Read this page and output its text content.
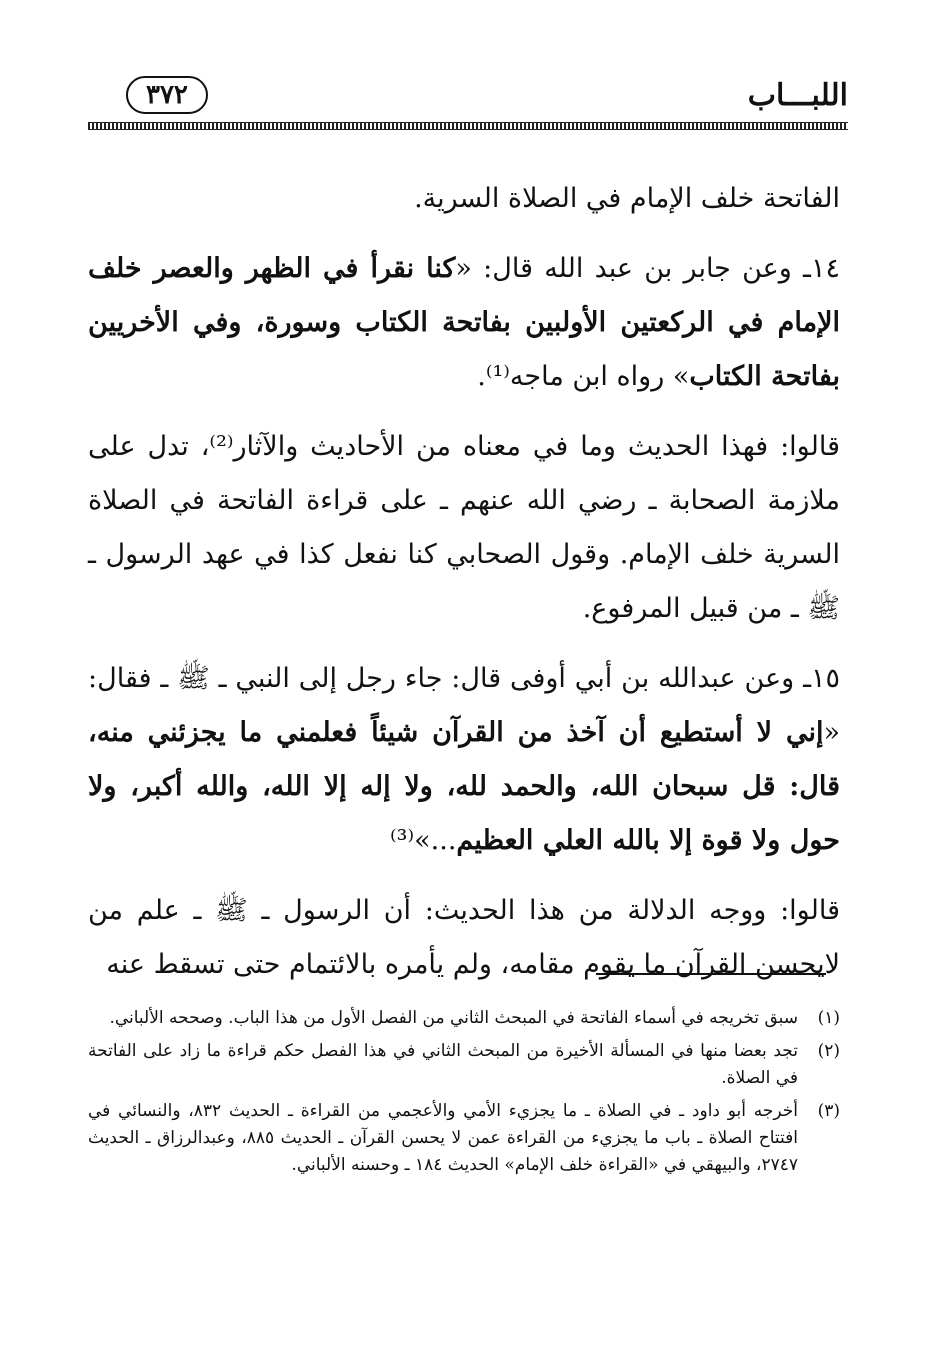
اللبـــاب
٣٧٢

الفاتحة خلف الإمام في الصلاة السرية.

١٤ـ وعن جابر بن عبد الله قال: «كنا نقرأ في الظهر والعصر خلف الإمام في الركعتين الأولبين بفاتحة الكتاب وسورة، وفي الأخريين بفاتحة الكتاب» رواه ابن ماجه⁽¹⁾.

قالوا: فهذا الحديث وما في معناه من الأحاديث والآثار⁽²⁾، تدل على ملازمة الصحابة ـ رضي الله عنهم ـ على قراءة الفاتحة في الصلاة السرية خلف الإمام. وقول الصحابي كنا نفعل كذا في عهد الرسول ـ ﷺ ـ من قبيل المرفوع.

١٥ـ وعن عبدالله بن أبي أوفى قال: جاء رجل إلى النبي ـ ﷺ ـ فقال: «إني لا أستطيع أن آخذ من القرآن شيئاً فعلمني ما يجزئني منه، قال: قل سبحان الله، والحمد لله، ولا إله إلا الله، والله أكبر، ولا حول ولا قوة إلا بالله العلي العظيم...»⁽³⁾

قالوا: ووجه الدلالة من هذا الحديث: أن الرسول ـ ﷺ ـ علم من لايحسن القرآن ما يقوم مقامه، ولم يأمره بالائتمام حتى تسقط عنه

(١)
سبق تخريجه في أسماء الفاتحة في المبحث الثاني من الفصل الأول من هذا الباب. وصححه الألباني.
(٢)
تجد بعضا منها في المسألة الأخيرة من المبحث الثاني في هذا الفصل حكم قراءة ما زاد على الفاتحة في الصلاة.
(٣)
أخرجه أبو داود ـ في الصلاة ـ ما يجزيء الأمي والأعجمي من القراءة ـ الحديث ٨٣٢، والنسائي في افتتاح الصلاة ـ باب ما يجزيء من القراءة عمن لا يحسن القرآن ـ الحديث ٨٨٥، وعبدالرزاق ـ الحديث ٢٧٤٧، والبيهقي في «القراءة خلف الإمام» الحديث ١٨٤ ـ وحسنه الألباني.
